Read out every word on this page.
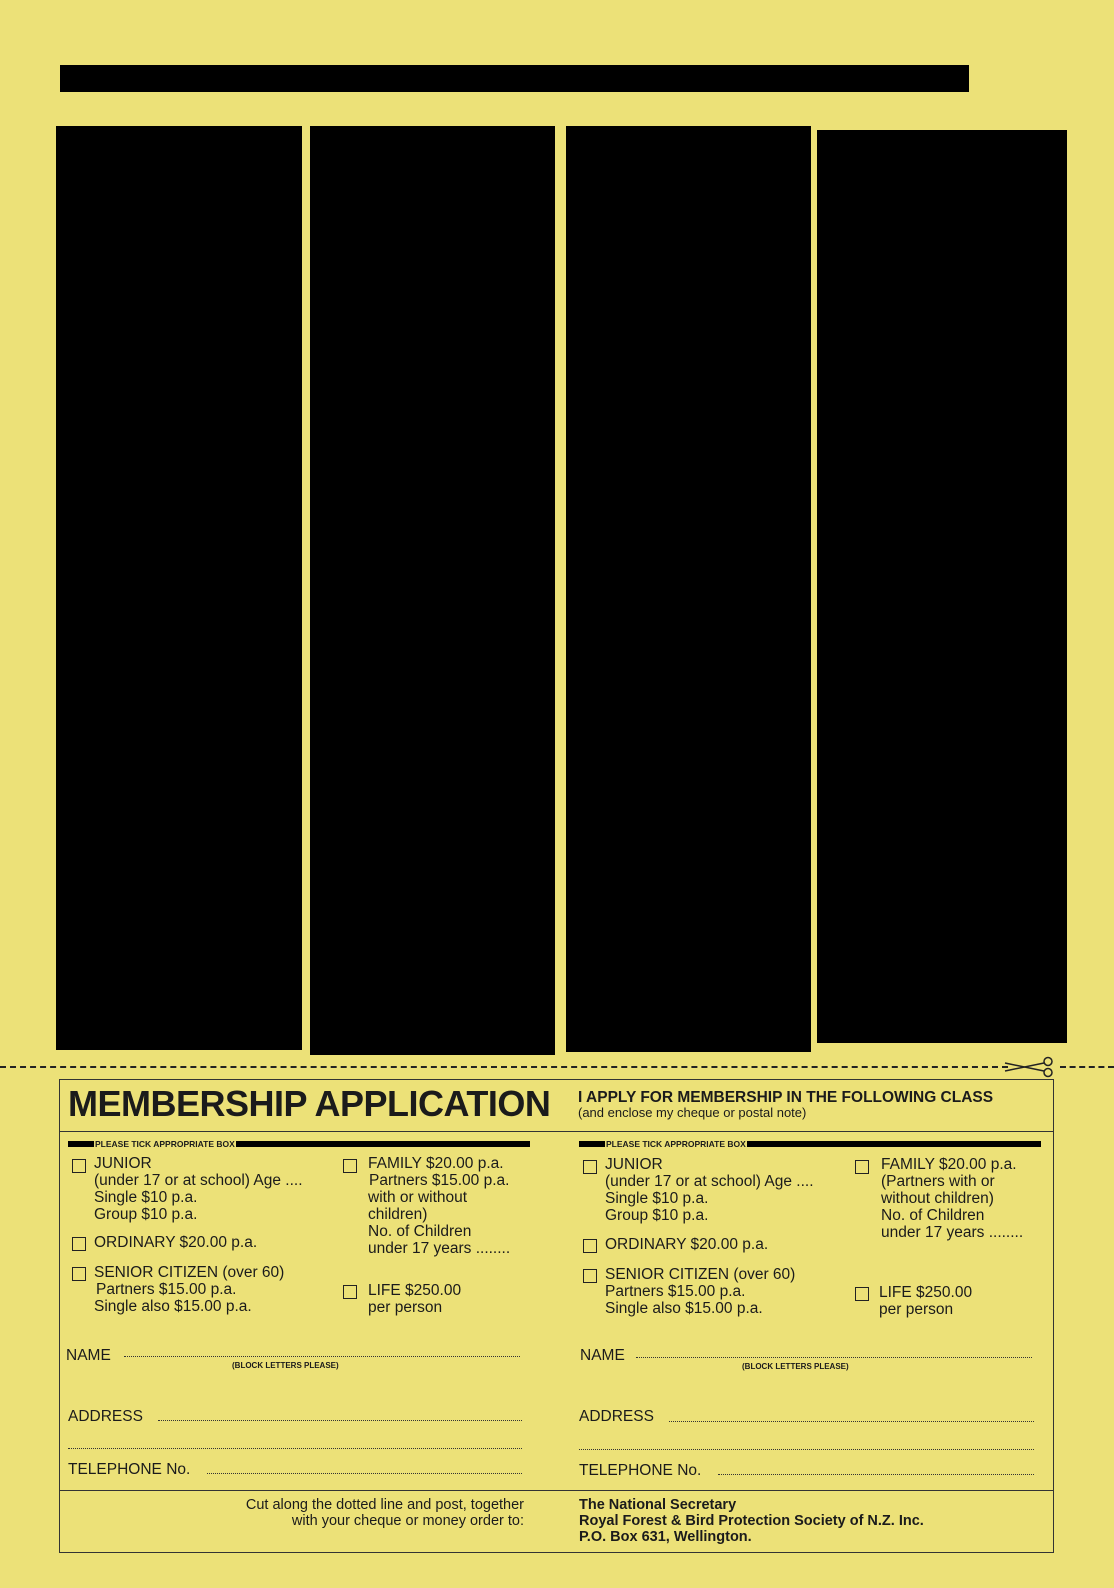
MEMBERSHIP APPLICATION I APPLY FOR MEMBERSHIP IN THE FOLLOWING CLASS
(and enclose my cheque or postal note)
PLEASE TICK APPROPRIATE BOX
JUNIOR
(under 17 or at school) Age ....
Single $10 p.a.
Group $10 p.a.
ORDINARY $20.00 p.a.
SENIOR CITIZEN (over 60)
Partners $15.00 p.a.
Single also $15.00 p.a.
FAMILY $20.00 p.a.
Partners $15.00 p.a.
with or without
children)
No. of Children
under 17 years ........
LIFE $250.00
per person
PLEASE TICK APPROPRIATE BOX
JUNIOR
(under 17 or at school) Age ....
Single $10 p.a.
Group $10 p.a.
ORDINARY $20.00 p.a.
SENIOR CITIZEN (over 60)
Partners $15.00 p.a.
Single also $15.00 p.a.
FAMILY $20.00 p.a.
(Partners with or
without children)
No. of Children
under 17 years ........
LIFE $250.00
per person
NAME
(BLOCK LETTERS PLEASE)
ADDRESS
TELEPHONE No.
NAME
(BLOCK LETTERS PLEASE)
ADDRESS
TELEPHONE No.
Cut along the dotted line and post, together
with your cheque or money order to:
The National Secretary
Royal Forest & Bird Protection Society of N.Z. Inc.
P.O. Box 631, Wellington.
